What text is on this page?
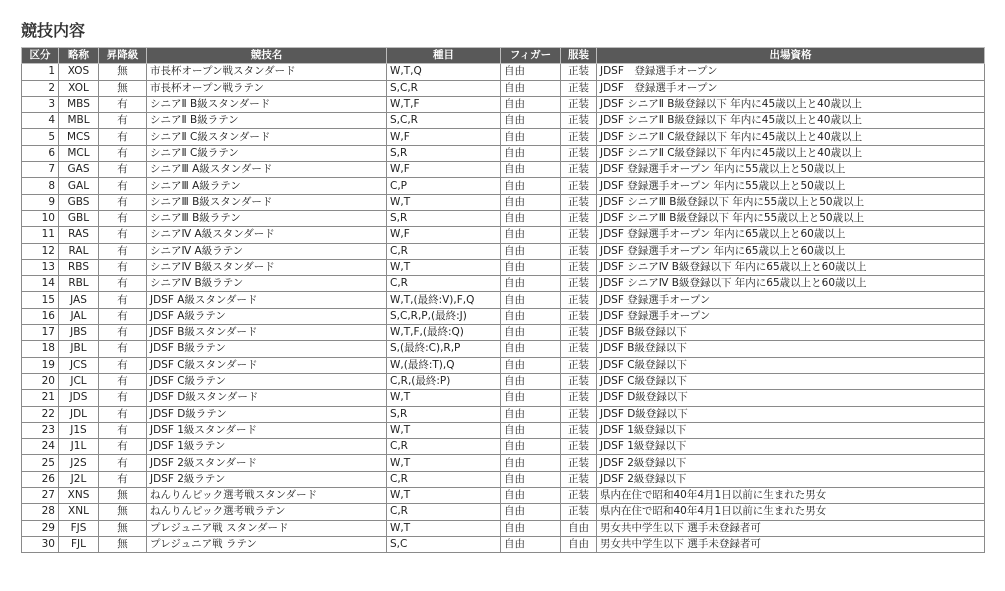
競技内容
区分	略称	昇降級	競技名	種目	フィガー	服装	出場資格
1	XOS	無	市長杯オープン戦スタンダード	W,T,Q	自由	正装	JDSF　登録選手オープン
2	XOL	無	市長杯オープン戦ラテン	S,C,R	自由	正装	JDSF　登録選手オープン
3	MBS	有	シニアⅡ B級スタンダード	W,T,F	自由	正装	JDSF シニアⅡ B級登録以下 年内に45歳以上と40歳以上
4	MBL	有	シニアⅡ B級ラテン	S,C,R	自由	正装	JDSF シニアⅡ B級登録以下 年内に45歳以上と40歳以上
5	MCS	有	シニアⅡ C級スタンダード	W,F	自由	正装	JDSF シニアⅡ C級登録以下 年内に45歳以上と40歳以上
6	MCL	有	シニアⅡ C級ラテン	S,R	自由	正装	JDSF シニアⅡ C級登録以下 年内に45歳以上と40歳以上
7	GAS	有	シニアⅢ A級スタンダード	W,F	自由	正装	JDSF 登録選手オープン 年内に55歳以上と50歳以上
8	GAL	有	シニアⅢ A級ラテン	C,P	自由	正装	JDSF 登録選手オープン 年内に55歳以上と50歳以上
9	GBS	有	シニアⅢ B級スタンダード	W,T	自由	正装	JDSF シニアⅢ B級登録以下 年内に55歳以上と50歳以上
10	GBL	有	シニアⅢ B級ラテン	S,R	自由	正装	JDSF シニアⅢ B級登録以下 年内に55歳以上と50歳以上
11	RAS	有	シニアⅣ A級スタンダード	W,F	自由	正装	JDSF 登録選手オープン 年内に65歳以上と60歳以上
12	RAL	有	シニアⅣ A級ラテン	C,R	自由	正装	JDSF 登録選手オープン 年内に65歳以上と60歳以上
13	RBS	有	シニアⅣ B級スタンダード	W,T	自由	正装	JDSF シニアⅣ B級登録以下 年内に65歳以上と60歳以上
14	RBL	有	シニアⅣ B級ラテン	C,R	自由	正装	JDSF シニアⅣ B級登録以下 年内に65歳以上と60歳以上
15	JAS	有	JDSF A級スタンダード	W,T,(最終:V),F,Q	自由	正装	JDSF 登録選手オープン
16	JAL	有	JDSF A級ラテン	S,C,R,P,(最終:J)	自由	正装	JDSF 登録選手オープン
17	JBS	有	JDSF B級スタンダード	W,T,F,(最終:Q)	自由	正装	JDSF B級登録以下
18	JBL	有	JDSF B級ラテン	S,(最終:C),R,P	自由	正装	JDSF B級登録以下
19	JCS	有	JDSF C級スタンダード	W,(最終:T),Q	自由	正装	JDSF C級登録以下
20	JCL	有	JDSF C級ラテン	C,R,(最終:P)	自由	正装	JDSF C級登録以下
21	JDS	有	JDSF D級スタンダード	W,T	自由	正装	JDSF D級登録以下
22	JDL	有	JDSF D級ラテン	S,R	自由	正装	JDSF D級登録以下
23	J1S	有	JDSF 1級スタンダード	W,T	自由	正装	JDSF 1級登録以下
24	J1L	有	JDSF 1級ラテン	C,R	自由	正装	JDSF 1級登録以下
25	J2S	有	JDSF 2級スタンダード	W,T	自由	正装	JDSF 2級登録以下
26	J2L	有	JDSF 2級ラテン	C,R	自由	正装	JDSF 2級登録以下
27	XNS	無	ねんりんピック選考戦スタンダード	W,T	自由	正装	県内在住で昭和40年4月1日以前に生まれた男女
28	XNL	無	ねんりんピック選考戦ラテン	C,R	自由	正装	県内在住で昭和40年4月1日以前に生まれた男女
29	FJS	無	プレジュニア戦 スタンダード	W,T	自由	自由	男女共中学生以下 選手未登録者可
30	FJL	無	プレジュニア戦 ラテン	S,C	自由	自由	男女共中学生以下 選手未登録者可
